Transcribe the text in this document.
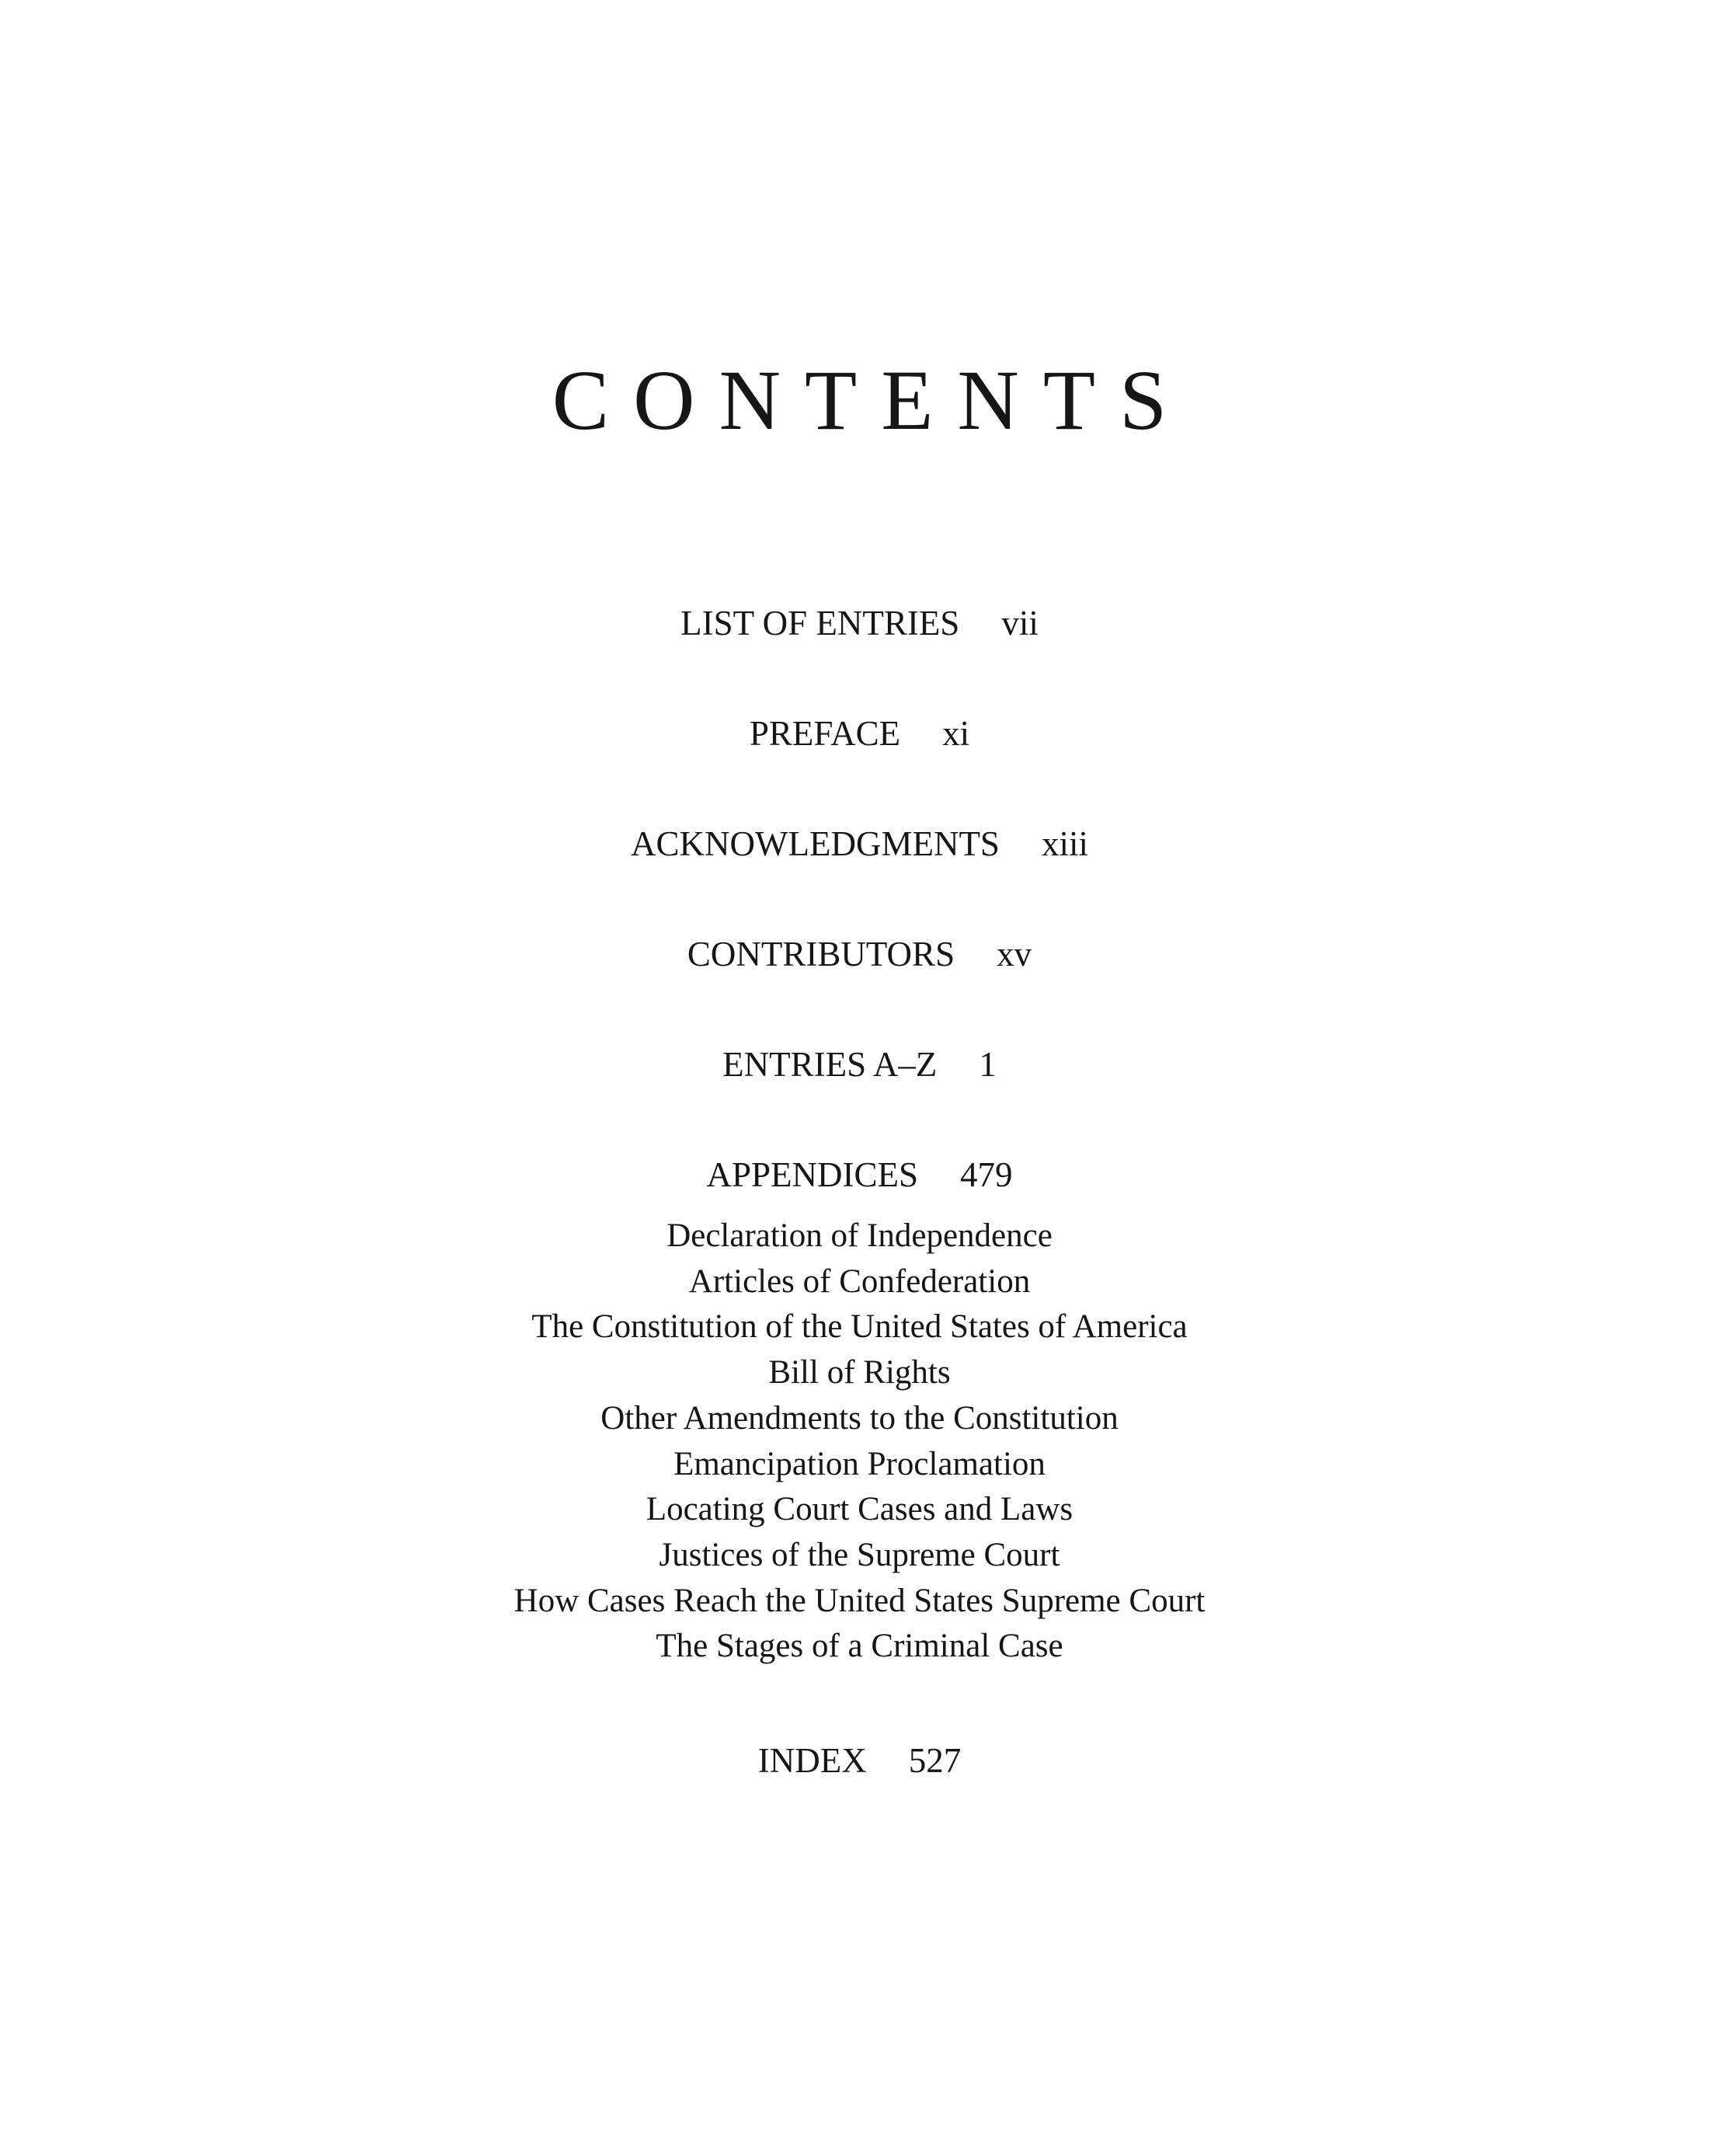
CONTENTS
LIST OF ENTRIES vii
PREFACE xi
ACKNOWLEDGMENTS xiii
CONTRIBUTORS xv
ENTRIES A–Z 1
APPENDICES 479
Declaration of Independence
Articles of Confederation
The Constitution of the United States of America
Bill of Rights
Other Amendments to the Constitution
Emancipation Proclamation
Locating Court Cases and Laws
Justices of the Supreme Court
How Cases Reach the United States Supreme Court
The Stages of a Criminal Case
INDEX 527
